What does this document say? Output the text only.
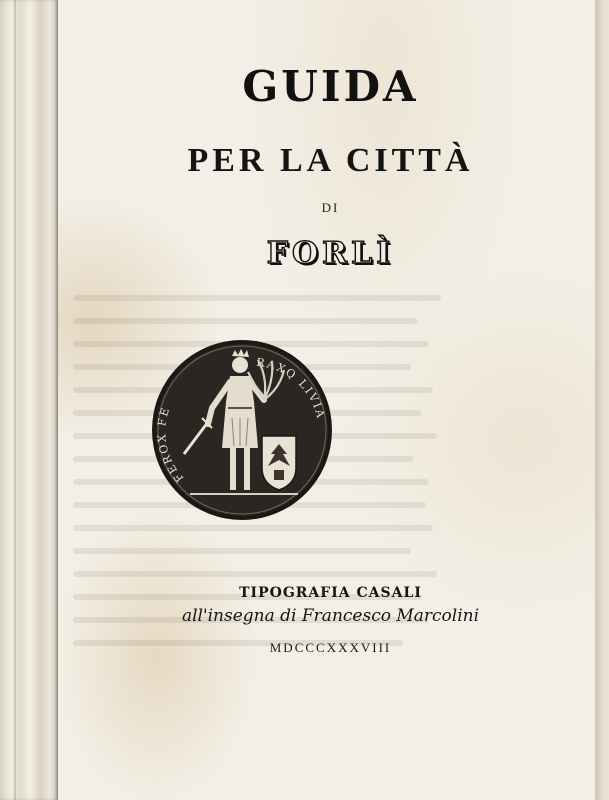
GUIDA
PER LA CITTÀ
DI
FORLÌ
FEROX FE
RAXQ LIVIA
TIPOGRAFIA CASALI
all'insegna di Francesco Marcolini
MDCCCXXXVIII
